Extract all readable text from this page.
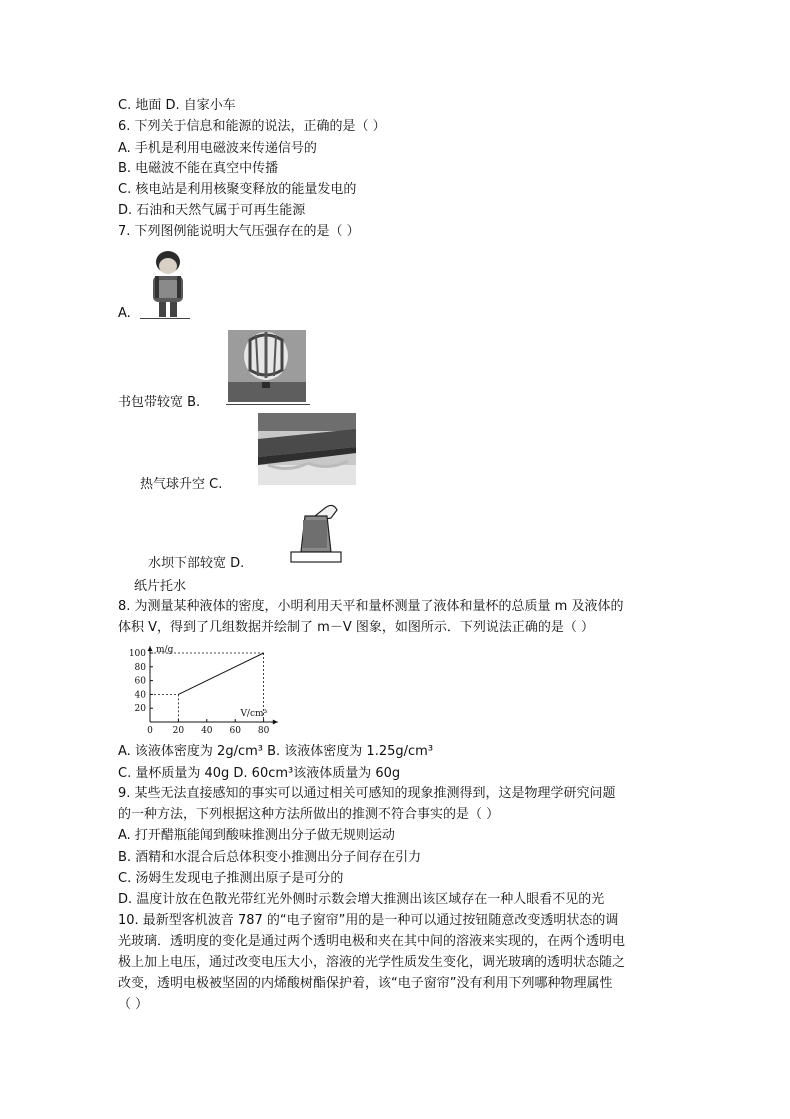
C. 地面 D. 自家小车
6. 下列关于信息和能源的说法，正确的是（ ）
A. 手机是利用电磁波来传递信号的
B. 电磁波不能在真空中传播
C. 核电站是利用核聚变释放的能量发电的
D. 石油和天然气属于可再生能源
7. 下列图例能说明大气压强存在的是（ ）
A.
书包带较宽 B.
热气球升空 C.
水坝下部较宽 D.
纸片托水
8. 为测量某种液体的密度，小明利用天平和量杯测量了液体和量杯的总质量 m 及液体的
体积 V，得到了几组数据并绘制了 m－V 图象，如图所示．下列说法正确的是（ ）
m/g
V/cm³
0 20 40 60 80
20
40
60
80
100
A. 该液体密度为 2g/cm³ B. 该液体密度为 1.25g/cm³
C. 量杯质量为 40g D. 60cm³该液体质量为 60g
9. 某些无法直接感知的事实可以通过相关可感知的现象推测得到，这是物理学研究问题
的一种方法，下列根据这种方法所做出的推测不符合事实的是（ ）
A. 打开醋瓶能闻到酸味推测出分子做无规则运动
B. 酒精和水混合后总体积变小推测出分子间存在引力
C. 汤姆生发现电子推测出原子是可分的
D. 温度计放在色散光带红光外侧时示数会增大推测出该区域存在一种人眼看不见的光
10. 最新型客机波音 787 的“电子窗帘”用的是一种可以通过按钮随意改变透明状态的调
光玻璃．透明度的变化是通过两个透明电极和夹在其中间的溶液来实现的，在两个透明电
极上加上电压，通过改变电压大小，溶液的光学性质发生变化，调光玻璃的透明状态随之
改变，透明电极被坚固的内烯酸树酯保护着，该“电子窗帘”没有利用下列哪种物理属性
（ ）
